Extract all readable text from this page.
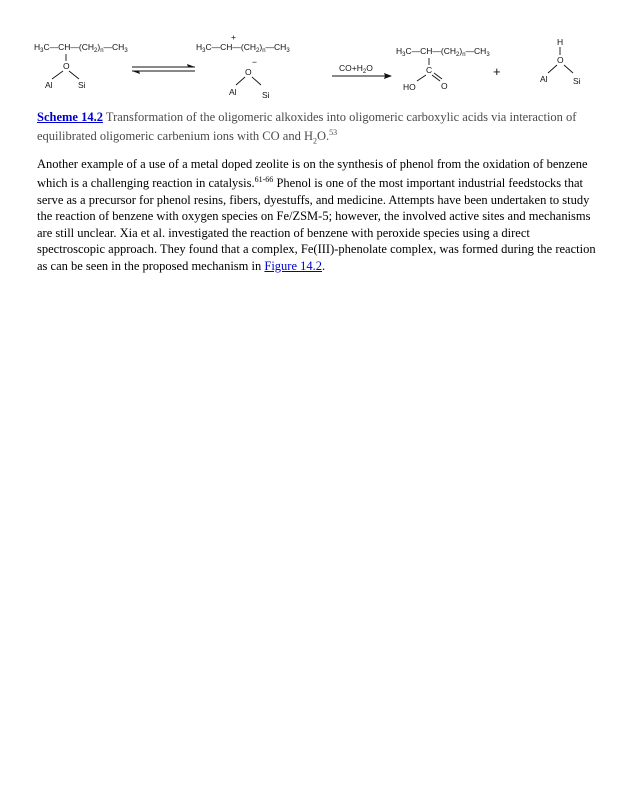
$H_3C—CH—(CH_2)_n—CH_3$
O
Al	Si
+
$H_3C—CH—(CH_2)_n—CH_3$
−
O
Al	Si
$CO+H_2O$
$H_3C—CH—(CH_2)_n—CH_3$
C
HO	O
+
H
O
Al	Si
Scheme 14.2 Transformation of the oligomeric alkoxides into oligomeric carboxylic acids via interaction of equilibrated oligomeric carbenium ions with CO and $H_2O.^{53}$
Another example of a use of a metal doped zeolite is on the synthesis of phenol from the oxidation of benzene which is a challenging reaction in catalysis.$^{61-66}$ Phenol is one of the most important industrial feedstocks that serve as a precursor for phenol resins, fibers, dyestuffs, and medicine. Attempts have been undertaken to study the reaction of benzene with oxygen species on Fe/ZSM-5; however, the involved active sites and mechanisms are still unclear. Xia et al. investigated the reaction of benzene with peroxide species using a direct spectroscopic approach. They found that a complex, Fe(III)-phenolate complex, was formed during the reaction as can be seen in the proposed mechanism in Figure 14.2.
